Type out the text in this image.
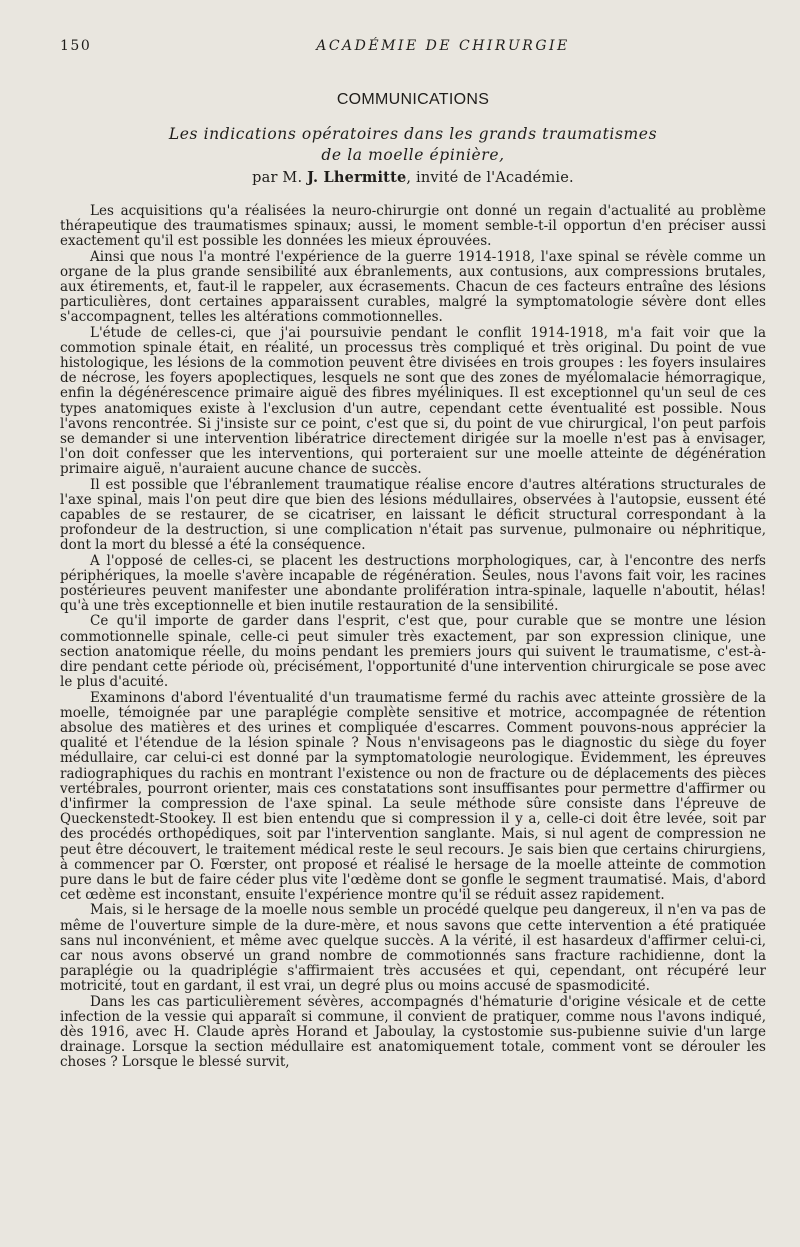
150	ACADÉMIE DE CHIRURGIE
COMMUNICATIONS
Les indications opératoires dans les grands traumatismes
de la moelle épinière,
par M. J. Lhermitte, invité de l'Académie.

Les acquisitions qu'a réalisées la neuro-chirurgie ont donné un regain d'actualité au problème thérapeutique des traumatismes spinaux; aussi, le moment semble-t-il opportun d'en préciser aussi exactement qu'il est possible les données les mieux éprouvées.

Ainsi que nous l'a montré l'expérience de la guerre 1914-1918, l'axe spinal se révèle comme un organe de la plus grande sensibilité aux ébranlements, aux contusions, aux compressions brutales, aux étirements, et, faut-il le rappeler, aux écrasements. Chacun de ces facteurs entraîne des lésions particulières, dont certaines apparaissent curables, malgré la symptomatologie sévère dont elles s'accompagnent, telles les altérations commotionnelles.

L'étude de celles-ci, que j'ai poursuivie pendant le conflit 1914-1918, m'a fait voir que la commotion spinale était, en réalité, un processus très compliqué et très original. Du point de vue histologique, les lésions de la commotion peuvent être divisées en trois groupes : les foyers insulaires de nécrose, les foyers apoplectiques, lesquels ne sont que des zones de myélomalacie hémorragique, enfin la dégénérescence primaire aiguë des fibres myéliniques. Il est exceptionnel qu'un seul de ces types anatomiques existe à l'exclusion d'un autre, cependant cette éventualité est possible. Nous l'avons rencontrée. Si j'insiste sur ce point, c'est que si, du point de vue chirurgical, l'on peut parfois se demander si une intervention libératrice directement dirigée sur la moelle n'est pas à envisager, l'on doit confesser que les interventions, qui porteraient sur une moelle atteinte de dégénération primaire aiguë, n'auraient aucune chance de succès.

Il est possible que l'ébranlement traumatique réalise encore d'autres altérations structurales de l'axe spinal, mais l'on peut dire que bien des lésions médullaires, observées à l'autopsie, eussent été capables de se restaurer, de se cicatriser, en laissant le déficit structural correspondant à la profondeur de la destruction, si une complication n'était pas survenue, pulmonaire ou néphritique, dont la mort du blessé a été la conséquence.

A l'opposé de celles-ci, se placent les destructions morphologiques, car, à l'encontre des nerfs périphériques, la moelle s'avère incapable de régénération. Seules, nous l'avons fait voir, les racines postérieures peuvent manifester une abondante prolifération intra-spinale, laquelle n'aboutit, hélas! qu'à une très exceptionnelle et bien inutile restauration de la sensibilité.

Ce qu'il importe de garder dans l'esprit, c'est que, pour curable que se montre une lésion commotionnelle spinale, celle-ci peut simuler très exactement, par son expression clinique, une section anatomique réelle, du moins pendant les premiers jours qui suivent le traumatisme, c'est-à-dire pendant cette période où, précisément, l'opportunité d'une intervention chirurgicale se pose avec le plus d'acuité.

Examinons d'abord l'éventualité d'un traumatisme fermé du rachis avec atteinte grossière de la moelle, témoignée par une paraplégie complète sensitive et motrice, accompagnée de rétention absolue des matières et des urines et compliquée d'escarres. Comment pouvons-nous apprécier la qualité et l'étendue de la lésion spinale ? Nous n'envisageons pas le diagnostic du siège du foyer médullaire, car celui-ci est donné par la symptomatologie neurologique. Evidemment, les épreuves radiographiques du rachis en montrant l'existence ou non de fracture ou de déplacements des pièces vertébrales, pourront orienter, mais ces constatations sont insuffisantes pour permettre d'affirmer ou d'infirmer la compression de l'axe spinal. La seule méthode sûre consiste dans l'épreuve de Queckenstedt-Stookey. Il est bien entendu que si compression il y a, celle-ci doit être levée, soit par des procédés orthopédiques, soit par l'intervention sanglante. Mais, si nul agent de compression ne peut être découvert, le traitement médical reste le seul recours. Je sais bien que certains chirurgiens, à commencer par O. Fœrster, ont proposé et réalisé le hersage de la moelle atteinte de commotion pure dans le but de faire céder plus vite l'œdème dont se gonfle le segment traumatisé. Mais, d'abord cet œdème est inconstant, ensuite l'expérience montre qu'il se réduit assez rapidement.

Mais, si le hersage de la moelle nous semble un procédé quelque peu dangereux, il n'en va pas de même de l'ouverture simple de la dure-mère, et nous savons que cette intervention a été pratiquée sans nul inconvénient, et même avec quelque succès. A la vérité, il est hasardeux d'affirmer celui-ci, car nous avons observé un grand nombre de commotionnés sans fracture rachidienne, dont la paraplégie ou la quadriplégie s'affirmaient très accusées et qui, cependant, ont récupéré leur motricité, tout en gardant, il est vrai, un degré plus ou moins accusé de spasmodicité.

Dans les cas particulièrement sévères, accompagnés d'hématurie d'origine vésicale et de cette infection de la vessie qui apparaît si commune, il convient de pratiquer, comme nous l'avons indiqué, dès 1916, avec H. Claude après Horand et Jaboulay, la cystostomie sus-pubienne suivie d'un large drainage. Lorsque la section médullaire est anatomiquement totale, comment vont se dérouler les choses ? Lorsque le blessé survit,
